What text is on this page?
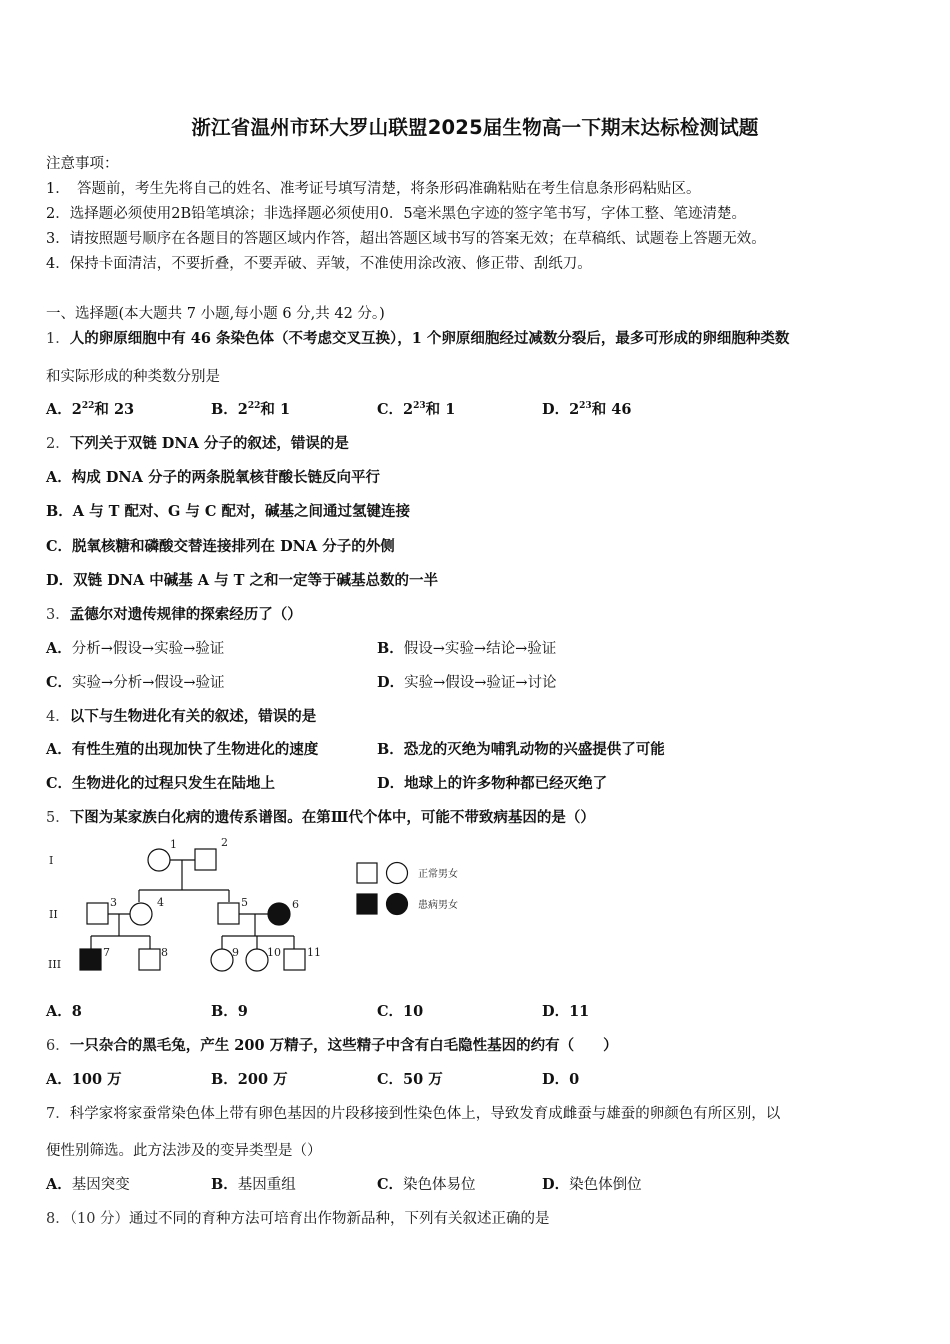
浙江省温州市环大罗山联盟2025届生物高一下期末达标检测试题
注意事项：
1．　答题前，考生先将自己的姓名、准考证号填写清楚，将条形码准确粘贴在考生信息条形码粘贴区。
2．选择题必须使用2B铅笔填涂；非选择题必须使用0．5毫米黑色字迹的签字笔书写，字体工整、笔迹清楚。
3．请按照题号顺序在各题目的答题区域内作答，超出答题区域书写的答案无效；在草稿纸、试题卷上答题无效。
4．保持卡面清洁，不要折叠，不要弄破、弄皱，不准使用涂改液、修正带、刮纸刀。
一、选择题(本大题共 7 小题,每小题 6 分,共 42 分。)
1．人的卵原细胞中有 46 条染色体（不考虑交叉互换），1 个卵原细胞经过减数分裂后，最多可形成的卵细胞种类数
和实际形成的种类数分别是
A．$2^{22}$和 23	B．$2^{22}$和 1	C．$2^{23}$和 1	D．$2^{23}$和 46
2．下列关于双链 DNA 分子的叙述，错误的是
A．构成 DNA 分子的两条脱氧核苷酸长链反向平行
B．A 与 T 配对、G 与 C 配对，碱基之间通过氢键连接
C．脱氧核糖和磷酸交替连接排列在 DNA 分子的外侧
D．双链 DNA 中碱基 A 与 T 之和一定等于碱基总数的一半
3．孟德尔对遗传规律的探索经历了（）
A．分析→假设→实验→验证	B．假设→实验→结论→验证
C．实验→分析→假设→验证	D．实验→假设→验证→讨论
4．以下与生物进化有关的叙述，错误的是
A．有性生殖的出现加快了生物进化的速度	B．恐龙的灭绝为哺乳动物的兴盛提供了可能
C．生物进化的过程只发生在陆地上	D．地球上的许多物种都已经灭绝了
5．下图为某家族白化病的遗传系谱图。在第Ⅲ代个体中，可能不带致病基因的是（）
I
II
III
1	2
3	4	5	6
7	8	9	10 11
正常男女
患病男女
A．8	B．9	C．10	D．11
6．一只杂合的黑毛兔，产生 200 万精子，这些精子中含有白毛隐性基因的约有（　　）
A．100 万	B．200 万	C．50 万	D．0
7．科学家将家蚕常染色体上带有卵色基因的片段移接到性染色体上，导致发育成雌蚕与雄蚕的卵颜色有所区别，以
便性别筛选。此方法涉及的变异类型是（）
A．基因突变	B．基因重组	C．染色体易位	D．染色体倒位
8．（10 分）通过不同的育种方法可培育出作物新品种，下列有关叙述正确的是
